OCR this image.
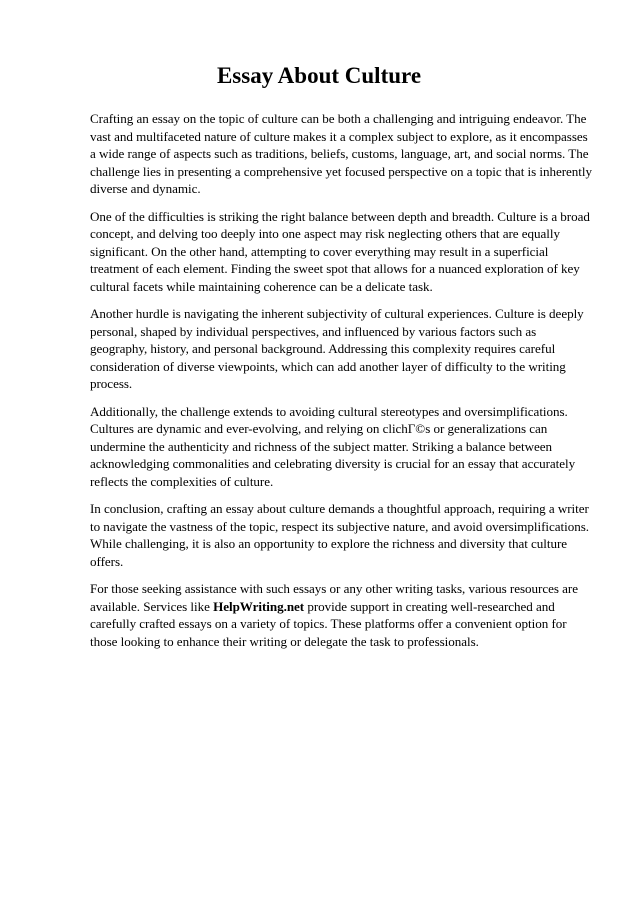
Essay About Culture

Crafting an essay on the topic of culture can be both a challenging and intriguing endeavor. The vast and multifaceted nature of culture makes it a complex subject to explore, as it encompasses a wide range of aspects such as traditions, beliefs, customs, language, art, and social norms. The challenge lies in presenting a comprehensive yet focused perspective on a topic that is inherently diverse and dynamic.

One of the difficulties is striking the right balance between depth and breadth. Culture is a broad concept, and delving too deeply into one aspect may risk neglecting others that are equally significant. On the other hand, attempting to cover everything may result in a superficial treatment of each element. Finding the sweet spot that allows for a nuanced exploration of key cultural facets while maintaining coherence can be a delicate task.

Another hurdle is navigating the inherent subjectivity of cultural experiences. Culture is deeply personal, shaped by individual perspectives, and influenced by various factors such as geography, history, and personal background. Addressing this complexity requires careful consideration of diverse viewpoints, which can add another layer of difficulty to the writing process.

Additionally, the challenge extends to avoiding cultural stereotypes and oversimplifications. Cultures are dynamic and ever-evolving, and relying on clichГ©s or generalizations can undermine the authenticity and richness of the subject matter. Striking a balance between acknowledging commonalities and celebrating diversity is crucial for an essay that accurately reflects the complexities of culture.

In conclusion, crafting an essay about culture demands a thoughtful approach, requiring a writer to navigate the vastness of the topic, respect its subjective nature, and avoid oversimplifications. While challenging, it is also an opportunity to explore the richness and diversity that culture offers.

For those seeking assistance with such essays or any other writing tasks, various resources are available. Services like HelpWriting.net provide support in creating well-researched and carefully crafted essays on a variety of topics. These platforms offer a convenient option for those looking to enhance their writing or delegate the task to professionals.
